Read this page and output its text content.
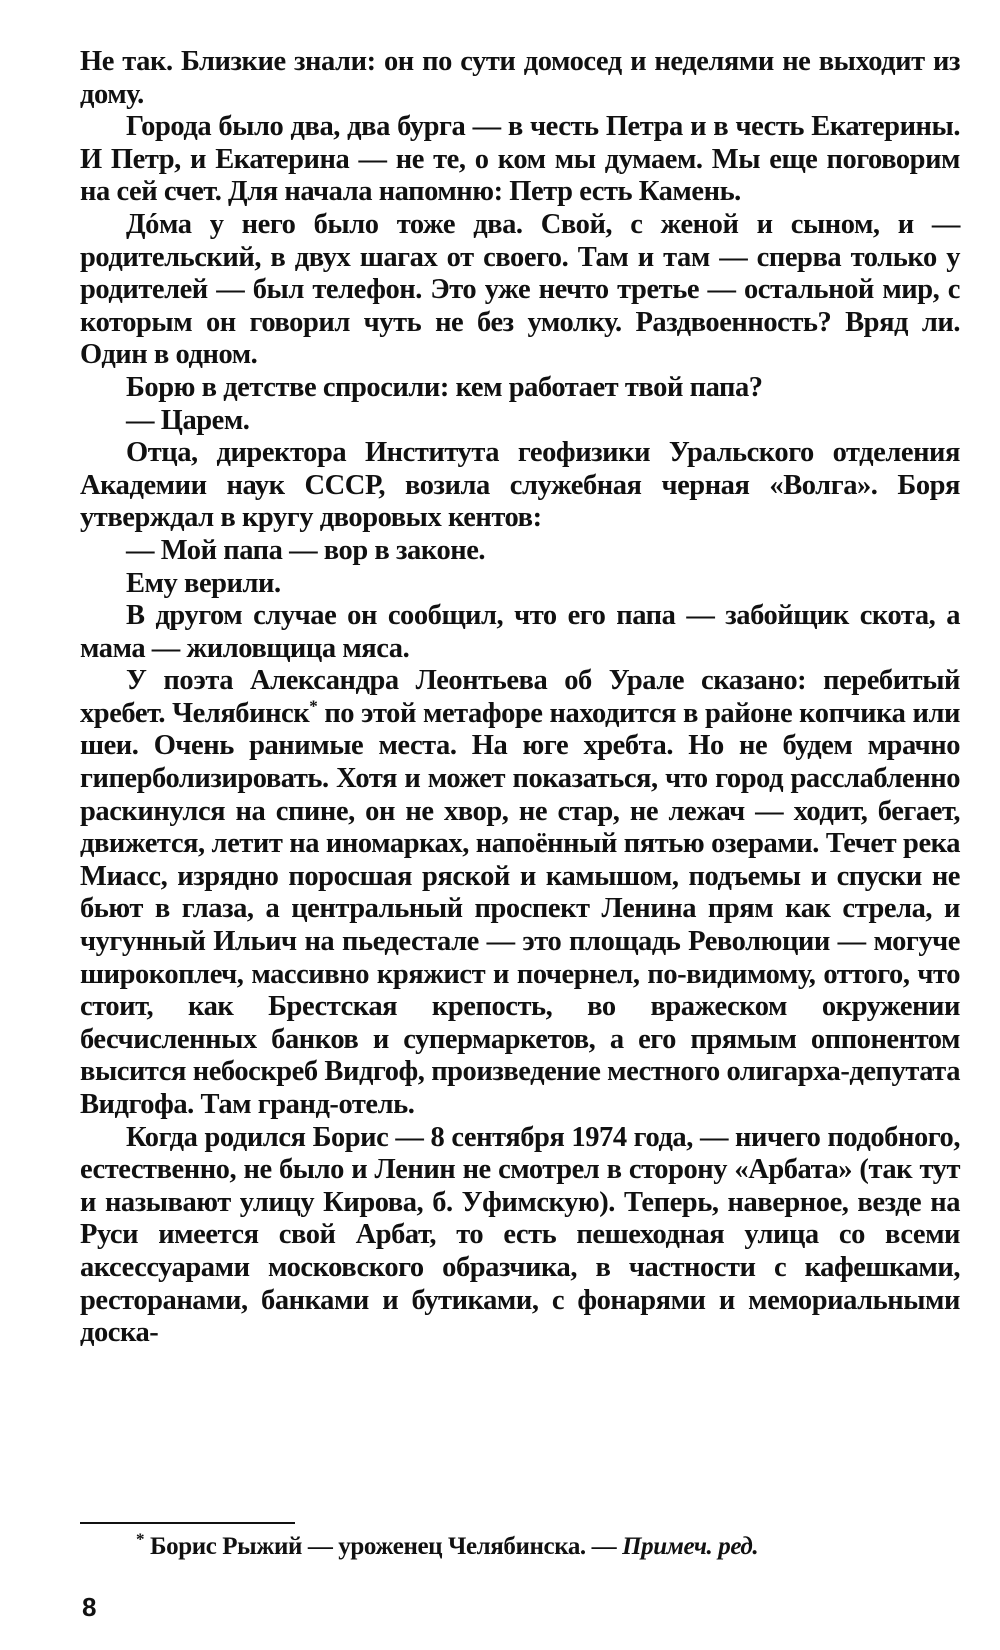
Не так. Близкие знали: он по сути домосед и неделями не выходит из дому.

Города было два, два бурга — в честь Петра и в честь Екатерины. И Петр, и Екатерина — не те, о ком мы думаем. Мы еще поговорим на сей счет. Для начала напомню: Петр есть Камень.

Дóма у него было тоже два. Свой, с женой и сыном, и — родительский, в двух шагах от своего. Там и там — сперва только у родителей — был телефон. Это уже нечто третье — остальной мир, с которым он говорил чуть не без умолку. Раздвоенность? Вряд ли. Один в одном.

Борю в детстве спросили: кем работает твой папа?

— Царем.

Отца, директора Института геофизики Уральского отделения Академии наук СССР, возила служебная черная «Волга». Боря утверждал в кругу дворовых кентов:

— Мой папа — вор в законе.

Ему верили.

В другом случае он сообщил, что его папа — забойщик скота, а мама — жиловщица мяса.

У поэта Александра Леонтьева об Урале сказано: перебитый хребет. Челябинск* по этой метафоре находится в районе копчика или шеи. Очень ранимые места. На юге хребта. Но не будем мрачно гиперболизировать. Хотя и может показаться, что город расслабленно раскинулся на спине, он не хвор, не стар, не лежач — ходит, бегает, движется, летит на иномарках, напоённый пятью озерами. Течет река Миасс, изрядно поросшая ряской и камышом, подъемы и спуски не бьют в глаза, а центральный проспект Ленина прям как стрела, и чугунный Ильич на пьедестале — это площадь Революции — могуче широкоплеч, массивно кряжист и почернел, по-видимому, оттого, что стоит, как Брестская крепость, во вражеском окружении бесчисленных банков и супермаркетов, а его прямым оппонентом высится небоскреб Видгоф, произведение местного олигарха-депутата Видгофа. Там гранд-отель.

Когда родился Борис — 8 сентября 1974 года, — ничего подобного, естественно, не было и Ленин не смотрел в сторону «Арбата» (так тут и называют улицу Кирова, б. Уфимскую). Теперь, наверное, везде на Руси имеется свой Арбат, то есть пешеходная улица со всеми аксессуарами московского образчика, в частности с кафешками, ресторанами, банками и бутиками, с фонарями и мемориальными доска-

* Борис Рыжий — уроженец Челябинска. — Примеч. ред.
8
